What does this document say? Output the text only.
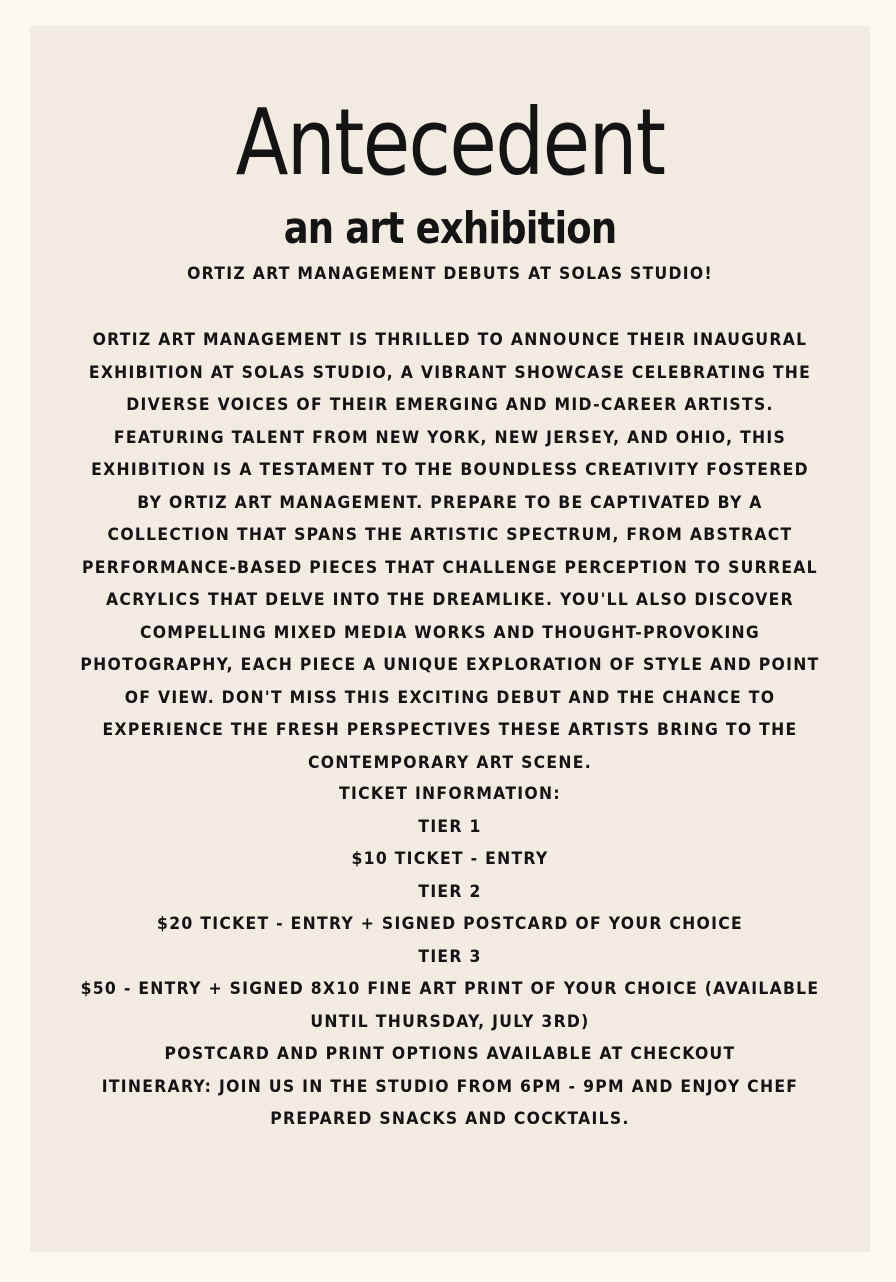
Antecedent
an art exhibition

ORTIZ ART MANAGEMENT DEBUTS AT SOLAS STUDIO!

ORTIZ ART MANAGEMENT IS THRILLED TO ANNOUNCE THEIR INAUGURAL EXHIBITION AT SOLAS STUDIO, A VIBRANT SHOWCASE CELEBRATING THE DIVERSE VOICES OF THEIR EMERGING AND MID-CAREER ARTISTS. FEATURING TALENT FROM NEW YORK, NEW JERSEY, AND OHIO, THIS EXHIBITION IS A TESTAMENT TO THE BOUNDLESS CREATIVITY FOSTERED BY ORTIZ ART MANAGEMENT. PREPARE TO BE CAPTIVATED BY A COLLECTION THAT SPANS THE ARTISTIC SPECTRUM, FROM ABSTRACT PERFORMANCE-BASED PIECES THAT CHALLENGE PERCEPTION TO SURREAL ACRYLICS THAT DELVE INTO THE DREAMLIKE. YOU'LL ALSO DISCOVER COMPELLING MIXED MEDIA WORKS AND THOUGHT-PROVOKING PHOTOGRAPHY, EACH PIECE A UNIQUE EXPLORATION OF STYLE AND POINT OF VIEW. DON'T MISS THIS EXCITING DEBUT AND THE CHANCE TO EXPERIENCE THE FRESH PERSPECTIVES THESE ARTISTS BRING TO THE CONTEMPORARY ART SCENE.

TICKET INFORMATION:
TIER 1
$10 TICKET - ENTRY
TIER 2
$20 TICKET - ENTRY + SIGNED POSTCARD OF YOUR CHOICE
TIER 3
$50 - ENTRY + SIGNED 8X10 FINE ART PRINT OF YOUR CHOICE (AVAILABLE UNTIL THURSDAY, JULY 3RD)
POSTCARD AND PRINT OPTIONS AVAILABLE AT CHECKOUT
ITINERARY: JOIN US IN THE STUDIO FROM 6PM - 9PM AND ENJOY CHEF PREPARED SNACKS AND COCKTAILS.
